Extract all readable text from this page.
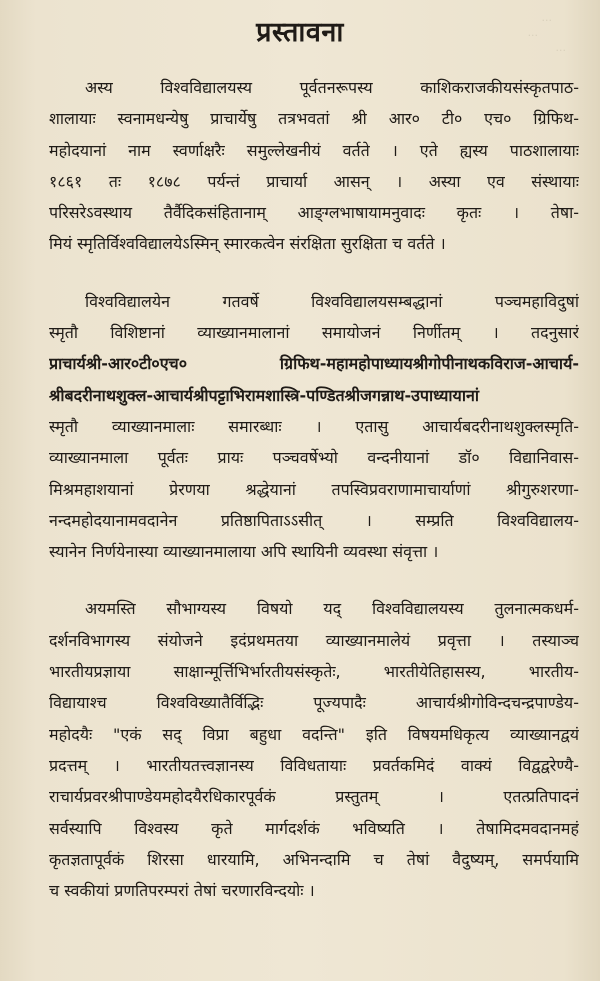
...
...
...
प्रस्तावना
अस्य विश्वविद्यालयस्य पूर्वतनरूपस्य काशिकराजकीयसंस्कृतपाठ-
शालायाः स्वनामधन्येषु प्राचार्येषु तत्रभवतां श्री आर० टी० एच० ग्रिफिथ-
महोदयानां नाम स्वर्णाक्षरैः समुल्लेखनीयं वर्तते । एते ह्यस्य पाठशालायाः
१८६१ तः १८७८ पर्यन्तं प्राचार्या आसन् । अस्या एव संस्थायाः
परिसरेऽवस्थाय तैर्वैदिकसंहितानाम् आङ्ग्लभाषायामनुवादः कृतः । तेषा-
मियं स्मृतिर्विश्वविद्यालयेऽस्मिन् स्मारकत्वेन संरक्षिता सुरक्षिता च वर्तते ।
विश्वविद्यालयेन गतवर्षे विश्वविद्यालयसम्बद्धानां पञ्चमहाविदुषां
स्मृतौ विशिष्टानां व्याख्यानमालानां समायोजनं निर्णीतम् । तदनुसारं
प्राचार्यश्री-आर०टी०एच० ग्रिफिथ-महामहोपाध्यायश्रीगोपीनाथकविराज-आचार्य-
श्रीबदरीनाथशुक्ल-आचार्यश्रीपट्टाभिरामशास्त्रि-पण्डितश्रीजगन्नाथ-उपाध्यायानां
स्मृतौ व्याख्यानमालाः समारब्धाः । एतासु आचार्यबदरीनाथशुक्लस्मृति-
व्याख्यानमाला पूर्वतः प्रायः पञ्चवर्षेभ्यो वन्दनीयानां डॉ० विद्यानिवास-
मिश्रमहाशयानां प्रेरणया श्रद्धेयानां तपस्विप्रवराणामाचार्याणां श्रीगुरुशरणा-
नन्दमहोदयानामवदानेन प्रतिष्ठापिताऽऽसीत् । सम्प्रति विश्वविद्यालय-
स्यानेन निर्णयेनास्या व्याख्यानमालाया अपि स्थायिनी व्यवस्था संवृत्ता ।
अयमस्ति सौभाग्यस्य विषयो यद् विश्वविद्यालयस्य तुलनात्मकधर्म-
दर्शनविभागस्य संयोजने इदंप्रथमतया व्याख्यानमालेयं प्रवृत्ता । तस्याञ्च
भारतीयप्रज्ञाया साक्षान्मूर्त्तिभिर्भारतीयसंस्कृतेः, भारतीयेतिहासस्य, भारतीय-
विद्यायाश्च विश्वविख्यातैर्विद्भिः पूज्यपादैः आचार्यश्रीगोविन्दचन्द्रपाण्डेय-
महोदयैः "एकं सद् विप्रा बहुधा वदन्ति" इति विषयमधिकृत्य व्याख्यानद्वयं
प्रदत्तम् । भारतीयतत्त्वज्ञानस्य विविधतायाः प्रवर्तकमिदं वाक्यं विद्वद्वरेण्यै-
राचार्यप्रवरश्रीपाण्डेयमहोदयैरधिकारपूर्वकं प्रस्तुतम् । एतत्प्रतिपादनं
सर्वस्यापि विश्वस्य कृते मार्गदर्शकं भविष्यति । तेषामिदमवदानमहं
कृतज्ञतापूर्वकं शिरसा धारयामि, अभिनन्दामि च तेषां वैदुष्यम्, समर्पयामि
च स्वकीयां प्रणतिपरम्परां तेषां चरणारविन्दयोः ।
